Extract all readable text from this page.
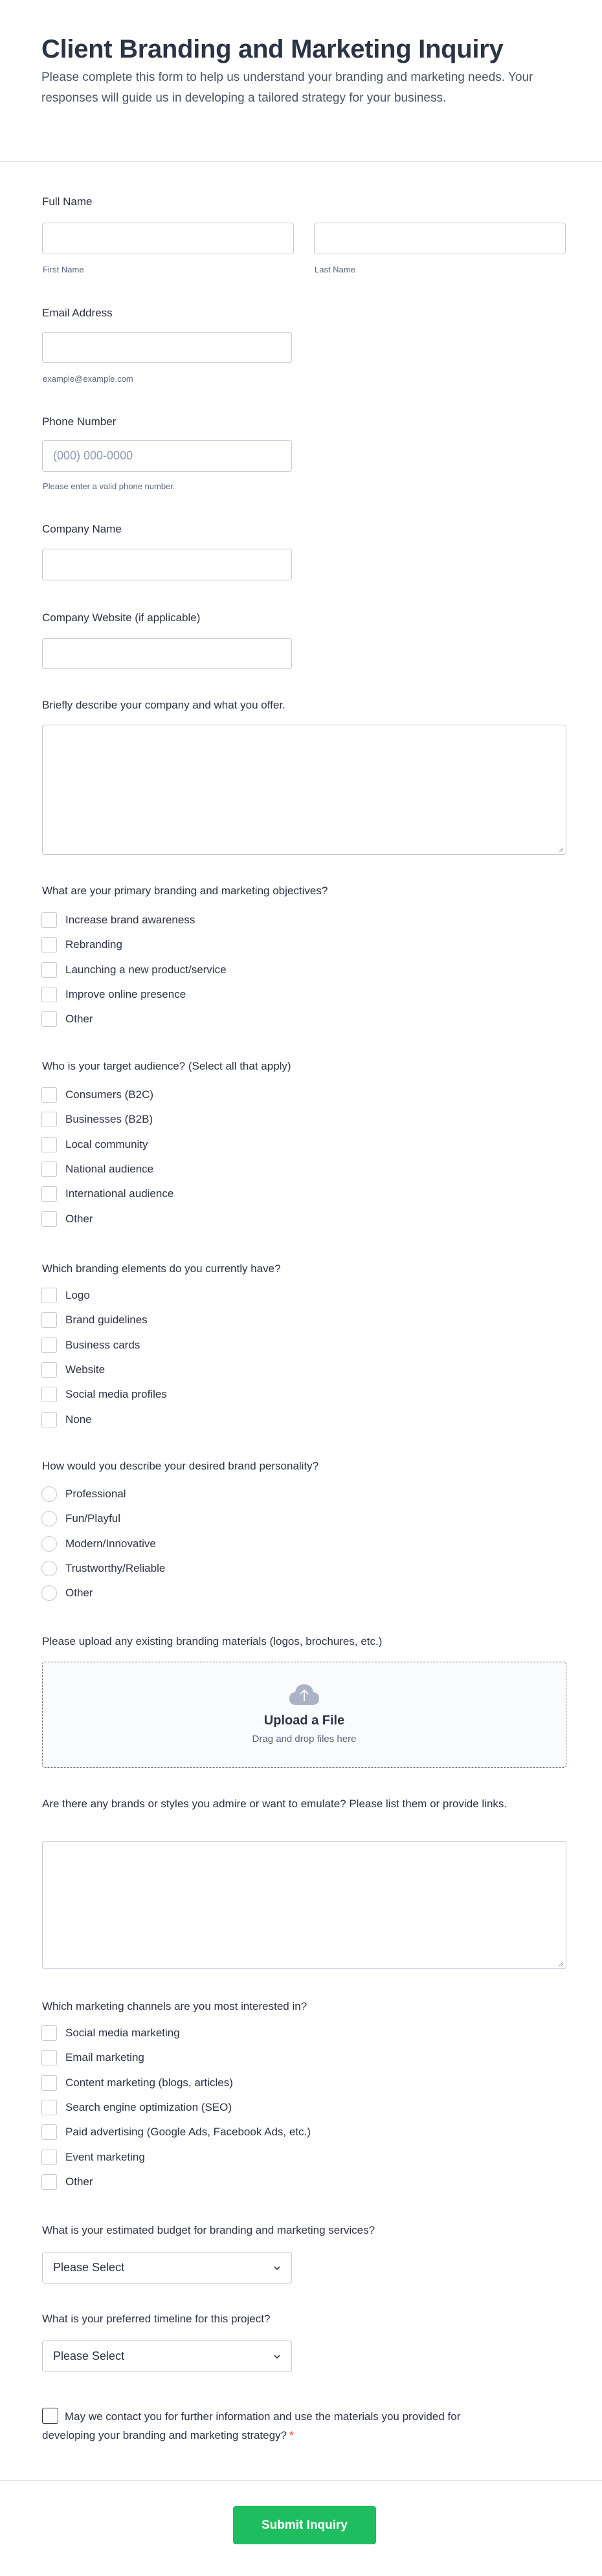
Client Branding and Marketing Inquiry

Please complete this form to help us understand your branding and marketing needs. Your responses will guide us in developing a tailored strategy for your business.

Full Name
First Name	Last Name
Email Address
example@example.com
Phone Number
(000) 000-0000
Please enter a valid phone number.
Company Name
Company Website (if applicable)
Briefly describe your company and what you offer.
What are your primary branding and marketing objectives?
Increase brand awareness
Rebranding
Launching a new product/service
Improve online presence
Other
Who is your target audience? (Select all that apply)
Consumers (B2C)
Businesses (B2B)
Local community
National audience
International audience
Other
Which branding elements do you currently have?
Logo
Brand guidelines
Business cards
Website
Social media profiles
None
How would you describe your desired brand personality?
Professional
Fun/Playful
Modern/Innovative
Trustworthy/Reliable
Other
Please upload any existing branding materials (logos, brochures, etc.)
Upload a File
Drag and drop files here
Are there any brands or styles you admire or want to emulate? Please list them or provide links.
Which marketing channels are you most interested in?
Social media marketing
Email marketing
Content marketing (blogs, articles)
Search engine optimization (SEO)
Paid advertising (Google Ads, Facebook Ads, etc.)
Event marketing
Other
What is your estimated budget for branding and marketing services?
Please Select
What is your preferred timeline for this project?
Please Select
May we contact you for further information and use the materials you provided for developing your branding and marketing strategy? *
Submit Inquiry
